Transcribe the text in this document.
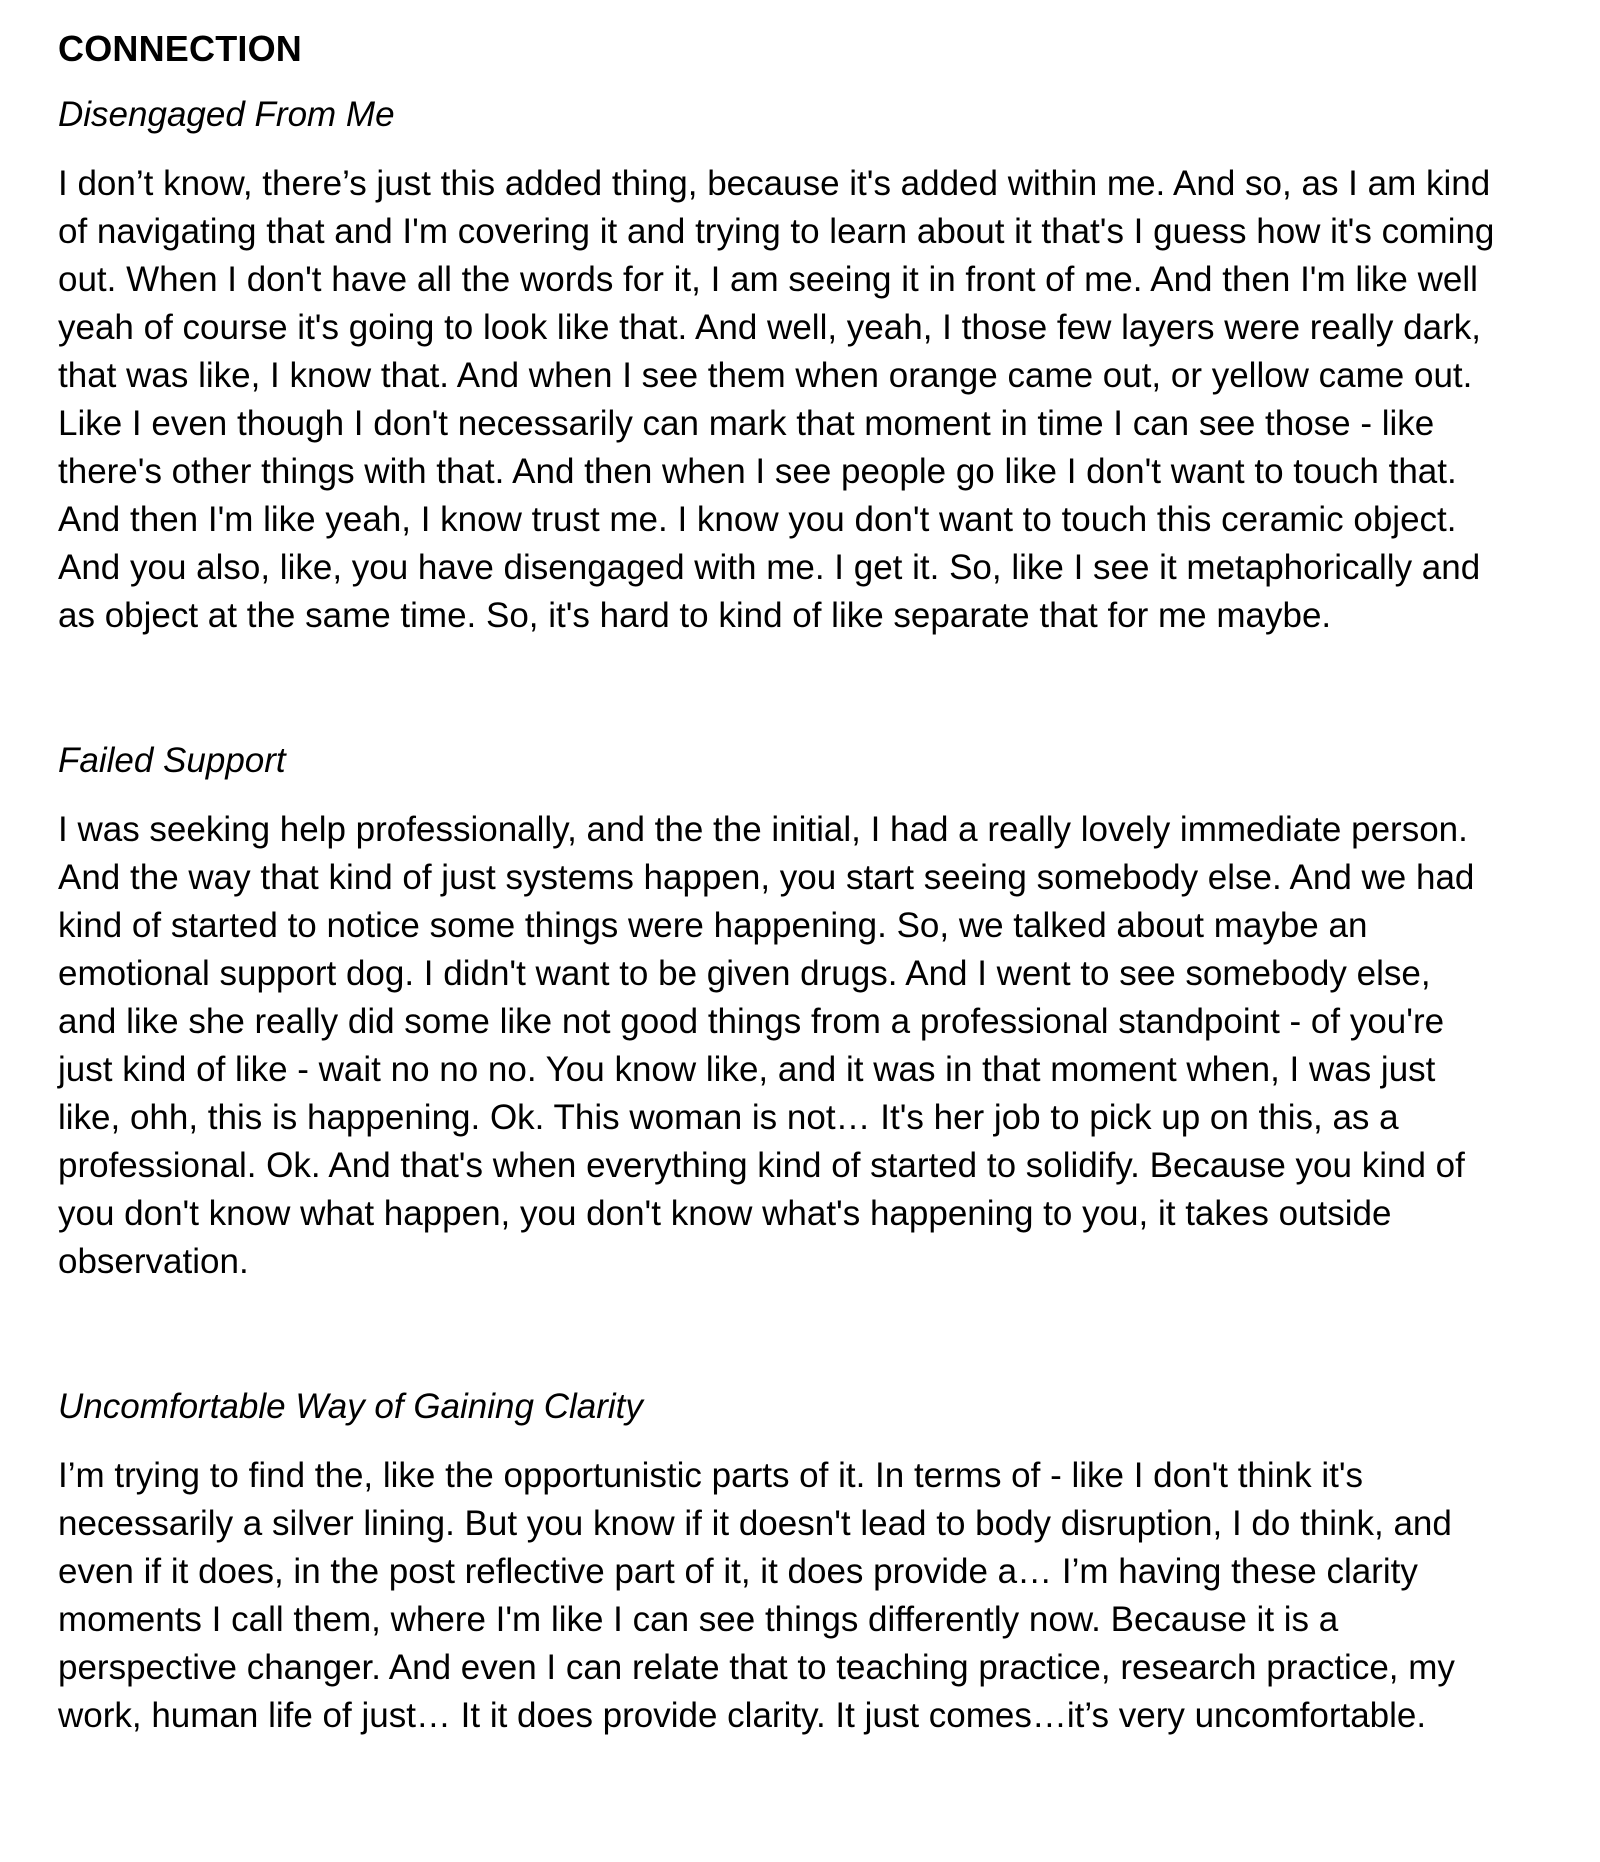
CONNECTION
Disengaged From Me

I don’t know, there’s just this added thing, because it's added within me. And so, as I am kind of navigating that and I'm covering it and trying to learn about it that's I guess how it's coming out. When I don't have all the words for it, I am seeing it in front of me. And then I'm like well yeah of course it's going to look like that. And well, yeah, I those few layers were really dark, that was like, I know that. And when I see them when orange came out, or yellow came out. Like I even though I don't necessarily can mark that moment in time I can see those - like there's other things with that. And then when I see people go like I don't want to touch that. And then I'm like yeah, I know trust me. I know you don't want to touch this ceramic object. And you also, like, you have disengaged with me. I get it. So, like I see it metaphorically and as object at the same time. So, it's hard to kind of like separate that for me maybe.

Failed Support

I was seeking help professionally, and the the initial, I had a really lovely immediate person. And the way that kind of just systems happen, you start seeing somebody else. And we had kind of started to notice some things were happening. So, we talked about maybe an emotional support dog. I didn't want to be given drugs. And I went to see somebody else, and like she really did some like not good things from a professional standpoint - of you're just kind of like - wait no no no. You know like, and it was in that moment when, I was just like, ohh, this is happening. Ok. This woman is not… It's her job to pick up on this, as a professional. Ok. And that's when everything kind of started to solidify. Because you kind of you don't know what happen, you don't know what's happening to you, it takes outside observation.

Uncomfortable Way of Gaining Clarity

I’m trying to find the, like the opportunistic parts of it. In terms of - like I don't think it's necessarily a silver lining. But you know if it doesn't lead to body disruption, I do think, and even if it does, in the post reflective part of it, it does provide a… I’m having these clarity moments I call them, where I'm like I can see things differently now. Because it is a perspective changer. And even I can relate that to teaching practice, research practice, my work, human life of just… It it does provide clarity. It just comes…it’s very uncomfortable.
